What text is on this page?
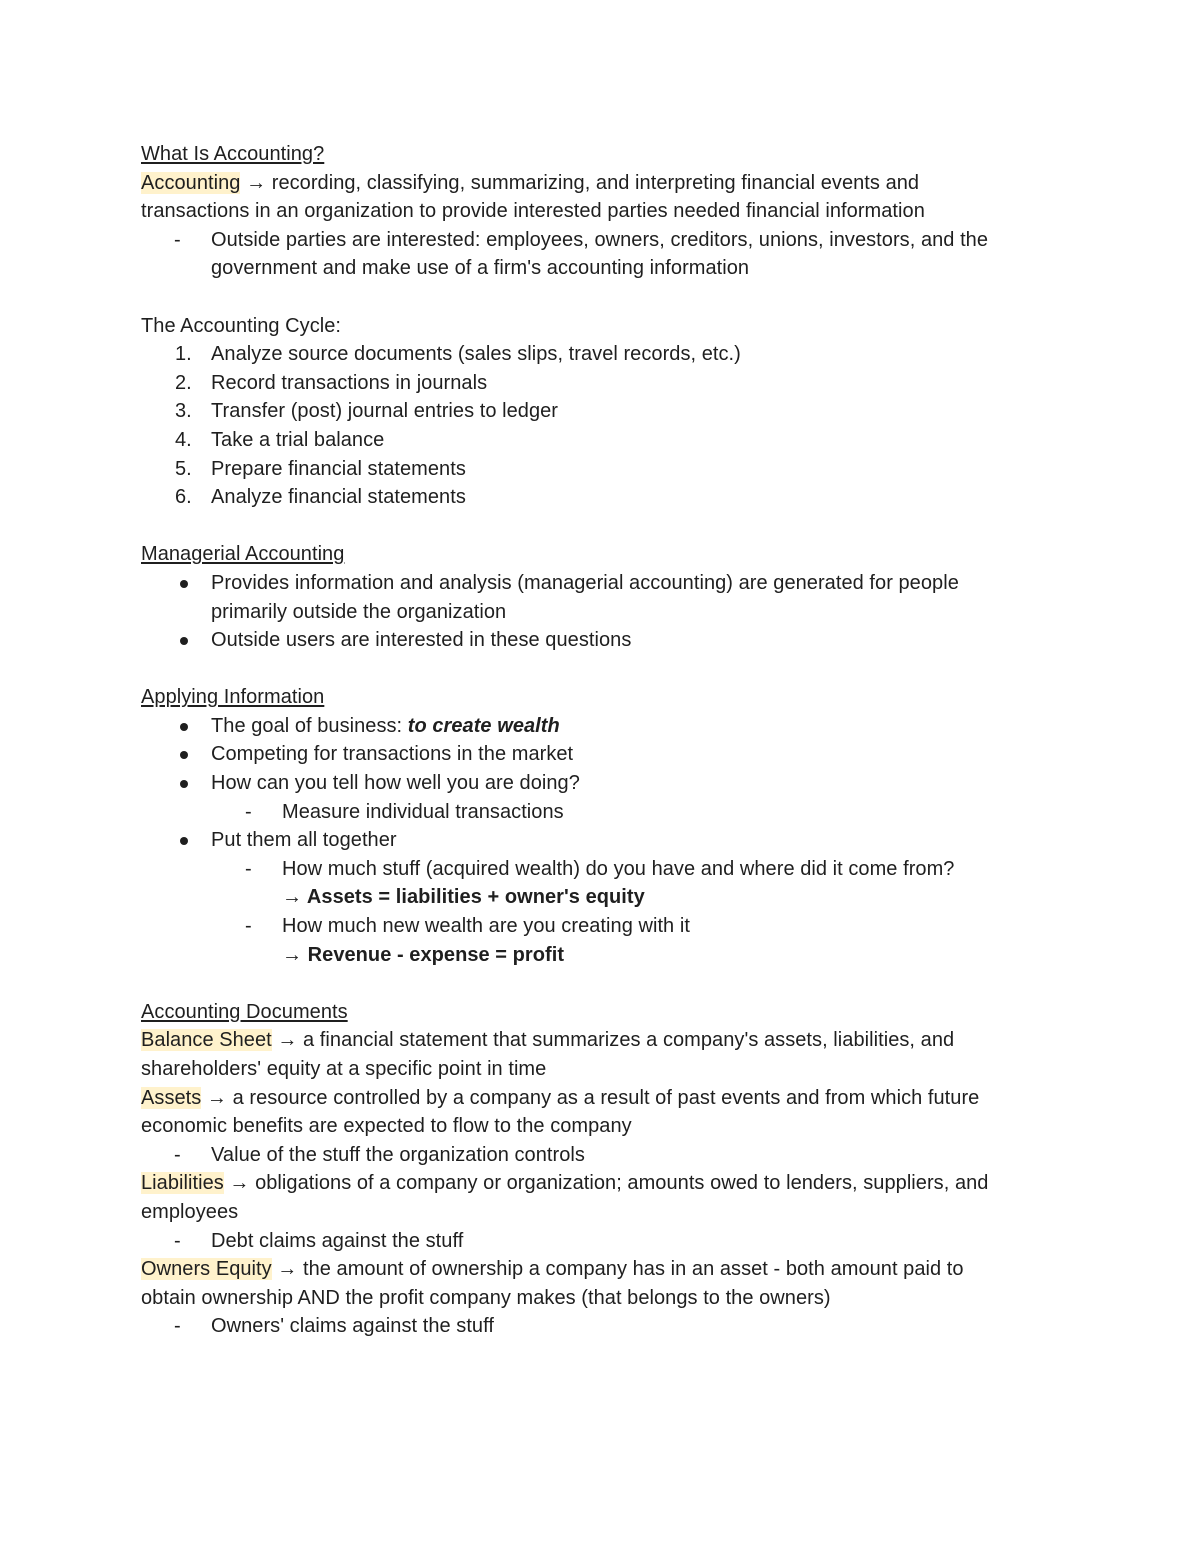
What Is Accounting?
Accounting → recording, classifying, summarizing, and interpreting financial events and
transactions in an organization to provide interested parties needed financial information
-	Outside parties are interested: employees, owners, creditors, unions, investors, and the
government and make use of a firm's accounting information
The Accounting Cycle:
1. Analyze source documents (sales slips, travel records, etc.)
2. Record transactions in journals
3. Transfer (post) journal entries to ledger
4. Take a trial balance
5. Prepare financial statements
6. Analyze financial statements
Managerial Accounting
Provides information and analysis (managerial accounting) are generated for people
primarily outside the organization
Outside users are interested in these questions
Applying Information
The goal of business: to create wealth
Competing for transactions in the market
How can you tell how well you are doing?
-	Measure individual transactions
Put them all together
-	How much stuff (acquired wealth) do you have and where did it come from?
→ Assets = liabilities + owner's equity
-	How much new wealth are you creating with it
→ Revenue - expense = profit
Accounting Documents
Balance Sheet → a financial statement that summarizes a company's assets, liabilities, and
shareholders' equity at a specific point in time
Assets → a resource controlled by a company as a result of past events and from which future
economic benefits are expected to flow to the company
-	Value of the stuff the organization controls
Liabilities → obligations of a company or organization; amounts owed to lenders, suppliers, and
employees
-	Debt claims against the stuff
Owners Equity → the amount of ownership a company has in an asset - both amount paid to
obtain ownership AND the profit company makes (that belongs to the owners)
-	Owners' claims against the stuff
